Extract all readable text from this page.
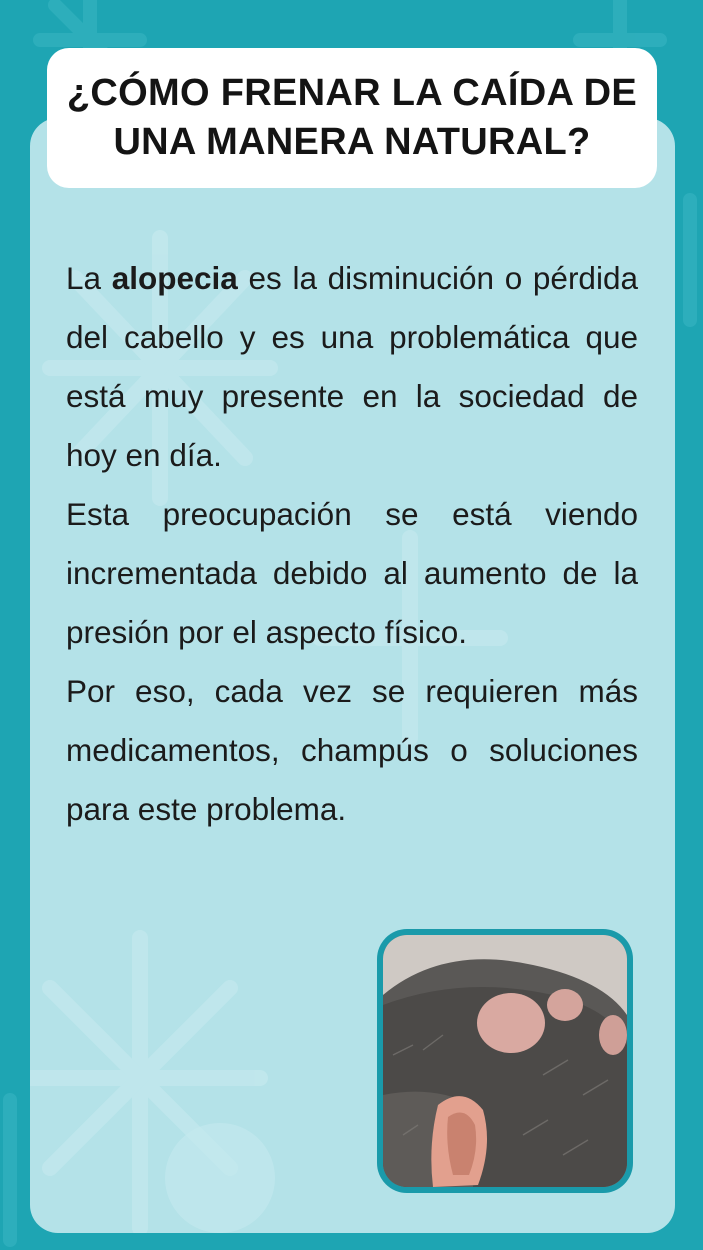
¿CÓMO FRENAR LA CAÍDA DE UNA MANERA NATURAL?

La alopecia es la disminución o pérdida del cabello y es una problemática que está muy presente en la sociedad de hoy en día.

Esta preocupación se está viendo incrementada debido al aumento de la presión por el aspecto físico.

Por eso, cada vez se requieren más medicamentos, champús o soluciones para este problema.
